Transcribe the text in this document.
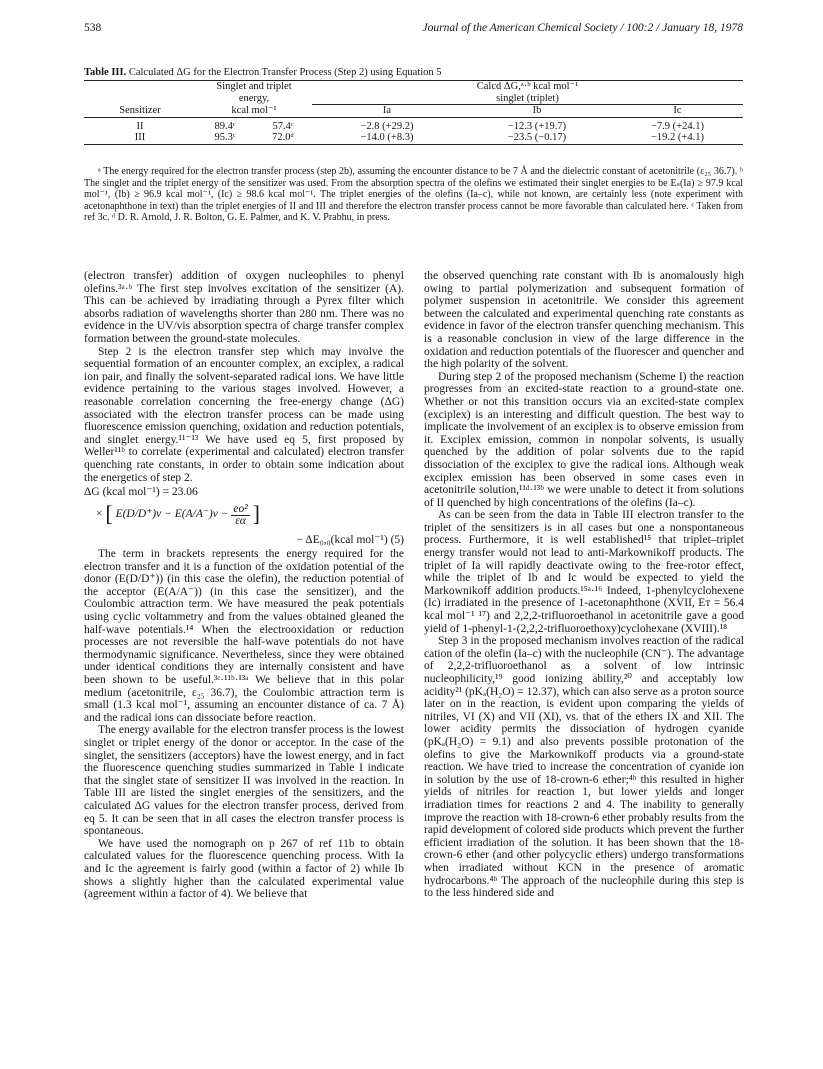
538	Journal of the American Chemical Society / 100:2 / January 18, 1978
Table III. Calculated ΔG for the Electron Transfer Process (Step 2) using Equation 5

	Singlet and triplet		Calcd ΔG,ᵃ·ᵇ kcal mol⁻¹		
	energy,		singlet (triplet)		
Sensitizer	kcal mol⁻¹		Ia	Ib	Ic
II	89.4ᶜ	57.4ᶜ	−2.8 (+29.2)	−12.3 (+19.7)	−7.9 (+24.1)
III	95.3ᶜ	72.0ᵈ	−14.0 (+8.3)	−23.5 (−0.17)	−19.2 (+4.1)

ᵃ The energy required for the electron transfer process (step 2b), assuming the encounter distance to be 7 Å and the dielectric constant of acetonitrile (ε₂₅ 36.7). ᵇ The singlet and the triplet energy of the sensitizer was used. From the absorption spectra of the olefins we estimated their singlet energies to be Eₛ(Ia) ≥ 97.9 kcal mol⁻¹, (Ib) ≥ 96.9 kcal mol⁻¹, (Ic) ≥ 98.6 kcal mol⁻¹. The triplet energies of the olefins (Ia–c), while not known, are certainly less (note experiment with acetonaphthone in text) than the triplet energies of II and III and therefore the electron transfer process cannot be more favorable than calculated here. ᶜ Taken from ref 3c. ᵈ D. R. Arnold, J. R. Bolton, G. E. Palmer, and K. V. Prabhu, in press.

(electron transfer) addition of oxygen nucleophiles to phenyl olefins.³ᵃ·ᵇ The first step involves excitation of the sensitizer (A). This can be achieved by irradiating through a Pyrex filter which absorbs radiation of wavelengths shorter than 280 nm. There was no evidence in the UV/vis absorption spectra of charge transfer complex formation between the ground-state molecules.

Step 2 is the electron transfer step which may involve the sequential formation of an encounter complex, an exciplex, a radical ion pair, and finally the solvent-separated radical ions. We have little evidence pertaining to the various stages involved. However, a reasonable correlation concerning the free-energy change (ΔG) associated with the electron transfer process can be made using fluorescence emission quenching, oxidation and reduction potentials, and singlet energy.¹¹⁻¹³ We have used eq 5, first proposed by Weller¹¹ᵇ to correlate (experimental and calculated) electron transfer quenching rate constants, in order to obtain some indication about the energetics of step 2.

ΔG (kcal mol⁻¹) = 23.06
× [ $E(D/D^+)v - E(A/A^-)v - \frac{\text{eo²}}{\varepsilon\alpha}$ ]
− ΔE₀,₀(kcal mol⁻¹) (5)

The term in brackets represents the energy required for the electron transfer and it is a function of the oxidation potential of the donor (E(D/D⁺)) (in this case the olefin), the reduction potential of the acceptor (E(A/A⁻)) (in this case the sensitizer), and the Coulombic attraction term. We have measured the peak potentials using cyclic voltammetry and from the values obtained gleaned the half-wave potentials.¹⁴ When the electrooxidation or reduction processes are not reversible the half-wave potentials do not have thermodynamic significance. Nevertheless, since they were obtained under identical conditions they are internally consistent and have been shown to be useful.³ᶜ·¹¹ᵇ·¹³ᵃ We believe that in this polar medium (acetonitrile, ε₂₅ 36.7), the Coulombic attraction term is small (1.3 kcal mol⁻¹, assuming an encounter distance of ca. 7 Å) and the radical ions can dissociate before reaction.

The energy available for the electron transfer process is the lowest singlet or triplet energy of the donor or acceptor. In the case of the singlet, the sensitizers (acceptors) have the lowest energy, and in fact the fluorescence quenching studies summarized in Table I indicate that the singlet state of sensitizer II was involved in the reaction. In Table III are listed the singlet energies of the sensitizers, and the calculated ΔG values for the electron transfer process, derived from eq 5. It can be seen that in all cases the electron transfer process is spontaneous.

We have used the nomograph on p 267 of ref 11b to obtain calculated values for the fluorescence quenching process. With Ia and Ic the agreement is fairly good (within a factor of 2) while Ib shows a slightly higher than the calculated experimental value (agreement within a factor of 4). We believe that

the observed quenching rate constant with Ib is anomalously high owing to partial polymerization and subsequent formation of polymer suspension in acetonitrile. We consider this agreement between the calculated and experimental quenching rate constants as evidence in favor of the electron transfer quenching mechanism. This is a reasonable conclusion in view of the large difference in the oxidation and reduction potentials of the fluorescer and quencher and the high polarity of the solvent.

During step 2 of the proposed mechanism (Scheme I) the reaction progresses from an excited-state reaction to a ground-state one. Whether or not this transition occurs via an excited-state complex (exciplex) is an interesting and difficult question. The best way to implicate the involvement of an exciplex is to observe emission from it. Exciplex emission, common in nonpolar solvents, is usually quenched by the addition of polar solvents due to the rapid dissociation of the exciplex to give the radical ions. Although weak exciplex emission has been observed in some cases even in acetonitrile solution,¹¹ᵈ·¹³ᵇ we were unable to detect it from solutions of II quenched by high concentrations of the olefins (Ia–c).

As can be seen from the data in Table III electron transfer to the triplet of the sensitizers is in all cases but one a nonspontaneous process. Furthermore, it is well established¹⁵ that triplet–triplet energy transfer would not lead to anti-Markownikoff products. The triplet of Ia will rapidly deactivate owing to the free-rotor effect, while the triplet of Ib and Ic would be expected to yield the Markownikoff addition products.¹⁵ᵃ·¹⁶ Indeed, 1-phenylcyclohexene (Ic) irradiated in the presence of 1-acetonaphthone (XVII, Eᴛ = 56.4 kcal mol⁻¹ ¹⁷) and 2,2,2-trifluoroethanol in acetonitrile gave a good yield of 1-phenyl-1-(2,2,2-trifluoroethoxy)cyclohexane (XVIII).¹⁸

Step 3 in the proposed mechanism involves reaction of the radical cation of the olefin (Ia–c) with the nucleophile (CN⁻). The advantage of 2,2,2-trifluoroethanol as a solvent of low intrinsic nucleophilicity,¹⁹ good ionizing ability,²⁰ and acceptably low acidity²¹ (pKₐ(H₂O) = 12.37), which can also serve as a proton source later on in the reaction, is evident upon comparing the yields of nitriles, VI (X) and VII (XI), vs. that of the ethers IX and XII. The lower acidity permits the dissociation of hydrogen cyanide (pKₐ(H₂O) = 9.1) and also prevents possible protonation of the olefins to give the Markownikoff products via a ground-state reaction. We have tried to increase the concentration of cyanide ion in solution by the use of 18-crown-6 ether;⁴ᵇ this resulted in higher yields of nitriles for reaction 1, but lower yields and longer irradiation times for reactions 2 and 4. The inability to generally improve the reaction with 18-crown-6 ether probably results from the rapid development of colored side products which prevent the further efficient irradiation of the solution. It has been shown that the 18-crown-6 ether (and other polycyclic ethers) undergo transformations when irradiated without KCN in the presence of aromatic hydrocarbons.⁴ᵇ The approach of the nucleophile during this step is to the less hindered side and
